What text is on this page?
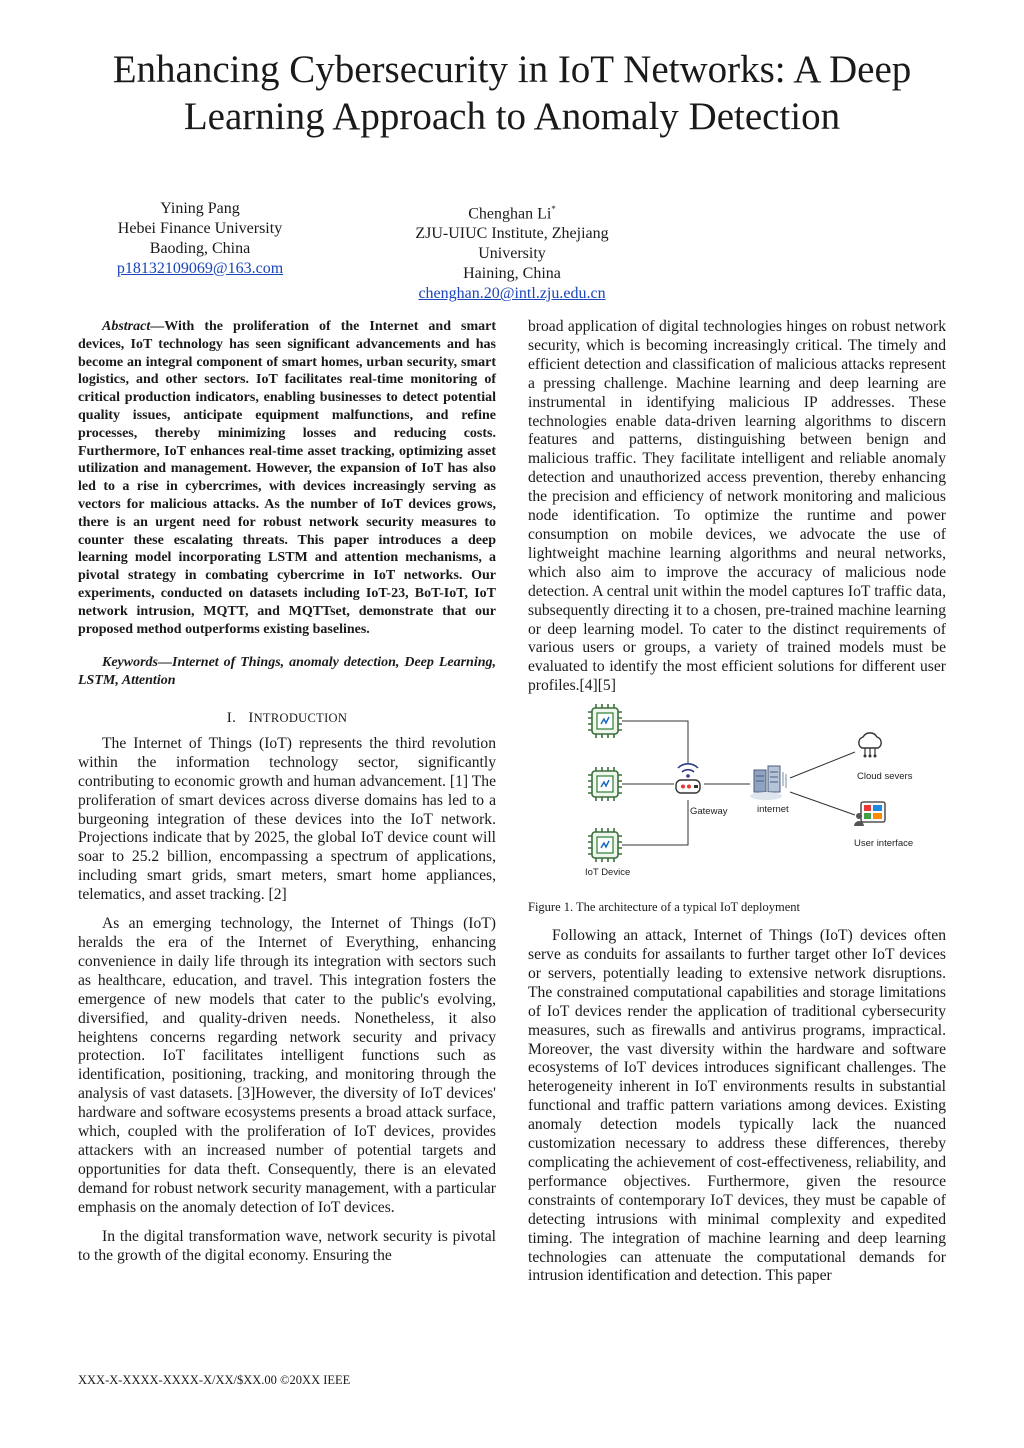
Enhancing Cybersecurity in IoT Networks: A Deep Learning Approach to Anomaly Detection
Yining Pang
Hebei Finance University
Baoding, China
p18132109069@163.com
Chenghan Li*
ZJU-UIUC Institute, Zhejiang
University
Haining, China
chenghan.20@intl.zju.edu.cn

Abstract—With the proliferation of the Internet and smart devices, IoT technology has seen significant advancements and has become an integral component of smart homes, urban security, smart logistics, and other sectors. IoT facilitates real-time monitoring of critical production indicators, enabling businesses to detect potential quality issues, anticipate equipment malfunctions, and refine processes, thereby minimizing losses and reducing costs. Furthermore, IoT enhances real-time asset tracking, optimizing asset utilization and management. However, the expansion of IoT has also led to a rise in cybercrimes, with devices increasingly serving as vectors for malicious attacks. As the number of IoT devices grows, there is an urgent need for robust network security measures to counter these escalating threats. This paper introduces a deep learning model incorporating LSTM and attention mechanisms, a pivotal strategy in combating cybercrime in IoT networks. Our experiments, conducted on datasets including IoT-23, BoT-IoT, IoT network intrusion, MQTT, and MQTTset, demonstrate that our proposed method outperforms existing baselines.

Keywords—Internet of Things, anomaly detection, Deep Learning, LSTM, Attention

I. INTRODUCTION

The Internet of Things (IoT) represents the third revolution within the information technology sector, significantly contributing to economic growth and human advancement. [1] The proliferation of smart devices across diverse domains has led to a burgeoning integration of these devices into the IoT network. Projections indicate that by 2025, the global IoT device count will soar to 25.2 billion, encompassing a spectrum of applications, including smart grids, smart meters, smart home appliances, telematics, and asset tracking. [2]

As an emerging technology, the Internet of Things (IoT) heralds the era of the Internet of Everything, enhancing convenience in daily life through its integration with sectors such as healthcare, education, and travel. This integration fosters the emergence of new models that cater to the public's evolving, diversified, and quality-driven needs. Nonetheless, it also heightens concerns regarding network security and privacy protection. IoT facilitates intelligent functions such as identification, positioning, tracking, and monitoring through the analysis of vast datasets. [3]However, the diversity of IoT devices' hardware and software ecosystems presents a broad attack surface, which, coupled with the proliferation of IoT devices, provides attackers with an increased number of potential targets and opportunities for data theft. Consequently, there is an elevated demand for robust network security management, with a particular emphasis on the anomaly detection of IoT devices.

In the digital transformation wave, network security is pivotal to the growth of the digital economy. Ensuring the

broad application of digital technologies hinges on robust network security, which is becoming increasingly critical. The timely and efficient detection and classification of malicious attacks represent a pressing challenge. Machine learning and deep learning are instrumental in identifying malicious IP addresses. These technologies enable data-driven learning algorithms to discern features and patterns, distinguishing between benign and malicious traffic. They facilitate intelligent and reliable anomaly detection and unauthorized access prevention, thereby enhancing the precision and efficiency of network monitoring and malicious node identification. To optimize the runtime and power consumption on mobile devices, we advocate the use of lightweight machine learning algorithms and neural networks, which also aim to improve the accuracy of malicious node detection. A central unit within the model captures IoT traffic data, subsequently directing it to a chosen, pre-trained machine learning or deep learning model. To cater to the distinct requirements of various users or groups, a variety of trained models must be evaluated to identify the most efficient solutions for different user profiles.[4][5]

IoT Device
Gateway	internet
Cloud severs
User interface
Figure 1. The architecture of a typical IoT deployment

Following an attack, Internet of Things (IoT) devices often serve as conduits for assailants to further target other IoT devices or servers, potentially leading to extensive network disruptions. The constrained computational capabilities and storage limitations of IoT devices render the application of traditional cybersecurity measures, such as firewalls and antivirus programs, impractical. Moreover, the vast diversity within the hardware and software ecosystems of IoT devices introduces significant challenges. The heterogeneity inherent in IoT environments results in substantial functional and traffic pattern variations among devices. Existing anomaly detection models typically lack the nuanced customization necessary to address these differences, thereby complicating the achievement of cost-effectiveness, reliability, and performance objectives. Furthermore, given the resource constraints of contemporary IoT devices, they must be capable of detecting intrusions with minimal complexity and expedited timing. The integration of machine learning and deep learning technologies can attenuate the computational demands for intrusion identification and detection. This paper

XXX-X-XXXX-XXXX-X/XX/$XX.00 ©20XX IEEE
